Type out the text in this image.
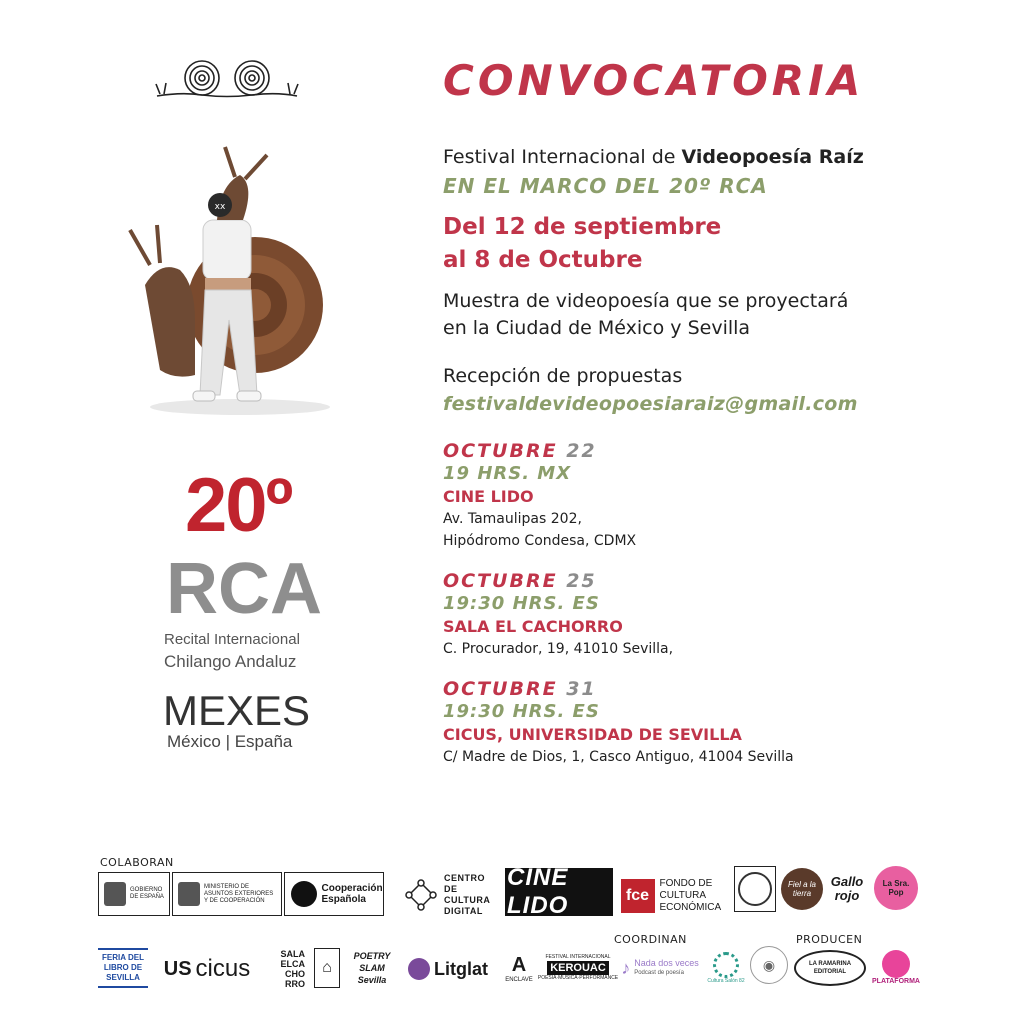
CONVOCATORIA
Festival Internacional de Videopoesía Raíz
EN EL MARCO DEL 20º RCA
Del 12 de septiembre
al 8 de Octubre
Muestra de videopoesía que se proyectará
en la Ciudad de México y Sevilla
Recepción de propuestas
festivaldevideopoesiaraiz@gmail.com
OCTUBRE 22
19 HRS. MX
CINE LIDO
Av. Tamaulipas 202,
Hipódromo Condesa, CDMX
OCTUBRE 25
19:30 HRS. ES
SALA EL CACHORRO
C. Procurador, 19, 41010 Sevilla,
OCTUBRE 31
19:30 HRS. ES
CICUS, UNIVERSIDAD DE SEVILLA
C/ Madre de Dios, 1, Casco Antiguo, 41004 Sevilla
xx
20º
RCA
Recital Internacional
Chilango Andaluz
MEXES
México | España
COLABORAN
GOBIERNO DE ESPAÑA
MINISTERIO DE ASUNTOS EXTERIORES Y DE COOPERACIÓN
Cooperación Española
CENTRO DE CULTURA DIGITAL
CINE LIDO	fce
FONDO DE CULTURA ECONÓMICA
Fiel a la tierra
Gallo rojo
La Sra. Pop
COORDINAN	PRODUCEN
FERIA DEL LIBRO DE SEVILLA	US cicus
SALA ELCA CHO RRO
⌂
POETRY SLAM Sevilla
Litglat A
ENCLAVE
FESTIVAL INTERNACIONAL
KEROUAC
POESÍA·MÚSICA·PERFORMANCE
♪ Nada dos veces
Podcast de poesía
Cultura Salón 82
◉	LA RAMARINA EDITORIAL
PLATAFORMA
